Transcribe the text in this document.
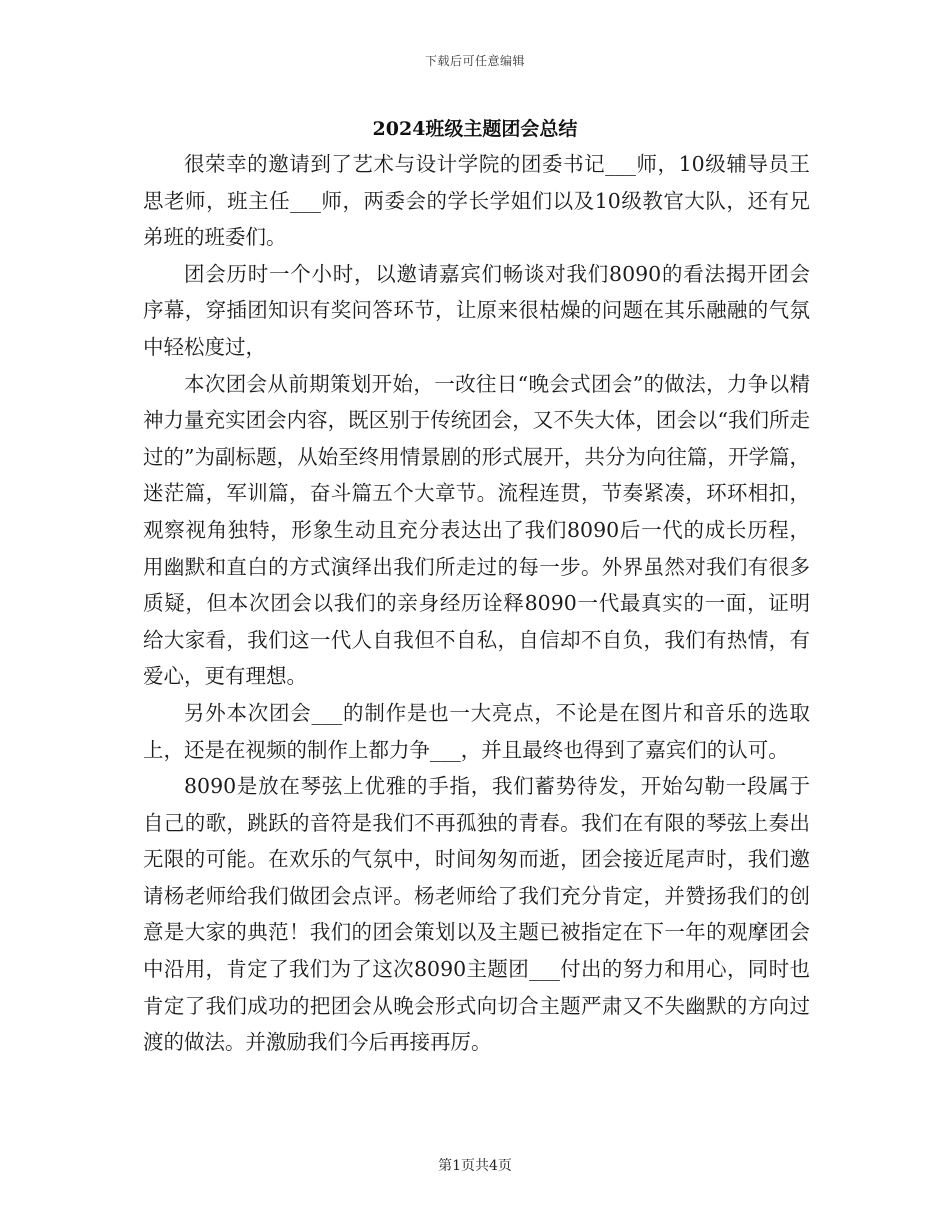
下载后可任意编辑
2024班级主题团会总结

很荣幸的邀请到了艺术与设计学院的团委书记___师，10级辅导员王思老师，班主任___师，两委会的学长学姐们以及10级教官大队，还有兄弟班的班委们。

团会历时一个小时，以邀请嘉宾们畅谈对我们8090的看法揭开团会序幕，穿插团知识有奖问答环节，让原来很枯燥的问题在其乐融融的气氛中轻松度过，

本次团会从前期策划开始，一改往日“晚会式团会”的做法，力争以精神力量充实团会内容，既区别于传统团会，又不失大体，团会以“我们所走过的”为副标题，从始至终用情景剧的形式展开，共分为向往篇，开学篇，迷茫篇，军训篇，奋斗篇五个大章节。流程连贯，节奏紧凑，环环相扣，观察视角独特，形象生动且充分表达出了我们8090后一代的成长历程，用幽默和直白的方式演绎出我们所走过的每一步。外界虽然对我们有很多质疑，但本次团会以我们的亲身经历诠释8090一代最真实的一面，证明给大家看，我们这一代人自我但不自私，自信却不自负，我们有热情，有爱心，更有理想。

另外本次团会___的制作是也一大亮点，不论是在图片和音乐的选取上，还是在视频的制作上都力争___，并且最终也得到了嘉宾们的认可。

8090是放在琴弦上优雅的手指，我们蓄势待发，开始勾勒一段属于自己的歌，跳跃的音符是我们不再孤独的青春。我们在有限的琴弦上奏出无限的可能。在欢乐的气氛中，时间匆匆而逝，团会接近尾声时，我们邀请杨老师给我们做团会点评。杨老师给了我们充分肯定，并赞扬我们的创意是大家的典范！我们的团会策划以及主题已被指定在下一年的观摩团会中沿用，肯定了我们为了这次8090主题团___付出的努力和用心，同时也肯定了我们成功的把团会从晚会形式向切合主题严肃又不失幽默的方向过渡的做法。并激励我们今后再接再厉。

第1页共4页
